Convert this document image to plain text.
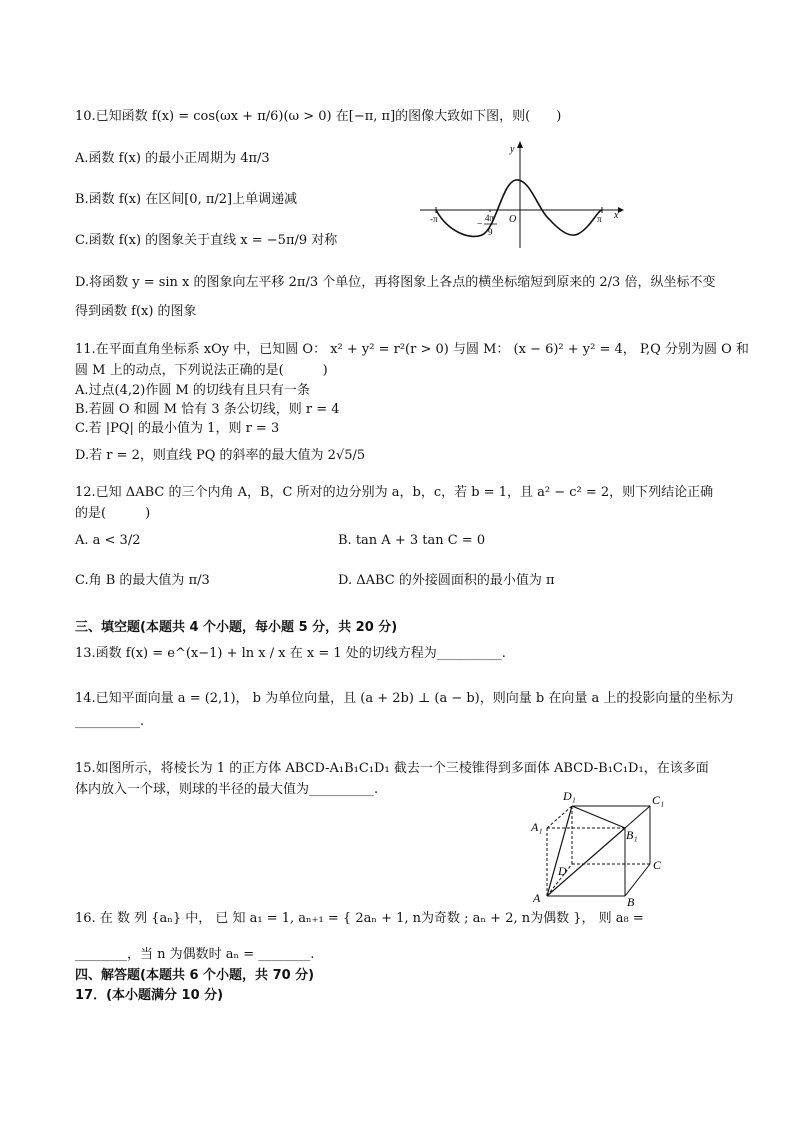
10.已知函数 f(x) = cos(ωx + π/6)(ω > 0) 在[−π, π]的图像大致如下图，则(　　)
A.函数 f(x) 的最小正周期为 4π/3
B.函数 f(x) 在区间[0, π/2]上单调递减
C.函数 f(x) 的图象关于直线 x = −5π/9 对称
D.将函数 y = sin x 的图象向左平移 2π/3 个单位，再将图象上各点的横坐标缩短到原来的 2/3 倍，纵坐标不变
得到函数 f(x) 的图象
y
x
O
-π	π
−
4π
9
11.在平面直角坐标系 xOy 中，已知圆 O： x² + y² = r²(r > 0) 与圆 M： (x − 6)² + y² = 4， P,Q 分别为圆 O 和
圆 M 上的动点，下列说法正确的是(　　　)
A.过点(4,2)作圆 M 的切线有且只有一条
B.若圆 O 和圆 M 恰有 3 条公切线，则 r = 4
C.若 |PQ| 的最小值为 1，则 r = 3
D.若 r = 2，则直线 PQ 的斜率的最大值为 2√5/5
12.已知 ΔABC 的三个内角 A，B，C 所对的边分别为 a，b，c，若 b = 1，且 a² − c² = 2，则下列结论正确
的是(　　　)
A. a < 3/2	B. tan A + 3 tan C = 0
C.角 B 的最大值为 π/3	D. ΔABC 的外接圆面积的最小值为 π
三、填空题(本题共 4 个小题，每小题 5 分，共 20 分)
13.函数 f(x) = e^(x−1) + ln x / x 在 x = 1 处的切线方程为__________.
14.已知平面向量 a = (2,1)， b 为单位向量，且 (a + 2b) ⊥ (a − b)，则向量 b 在向量 a 上的投影向量的坐标为
__________.
15.如图所示，将棱长为 1 的正方体 ABCD-A₁B₁C₁D₁ 截去一个三棱锥得到多面体 ABCD-B₁C₁D₁，在该多面
体内放入一个球，则球的半径的最大值为__________.	D₁	C₁
A₁
B₁
C
D
A	B
16. 在 数 列 {aₙ} 中， 已 知 a₁ = 1, aₙ₊₁ = { 2aₙ + 1, n为奇数 ; aₙ + 2, n为偶数 }， 则 a₈ =
________，当 n 为偶数时 aₙ = ________.
四、解答题(本题共 6 个小题，共 70 分)
17．(本小题满分 10 分)
